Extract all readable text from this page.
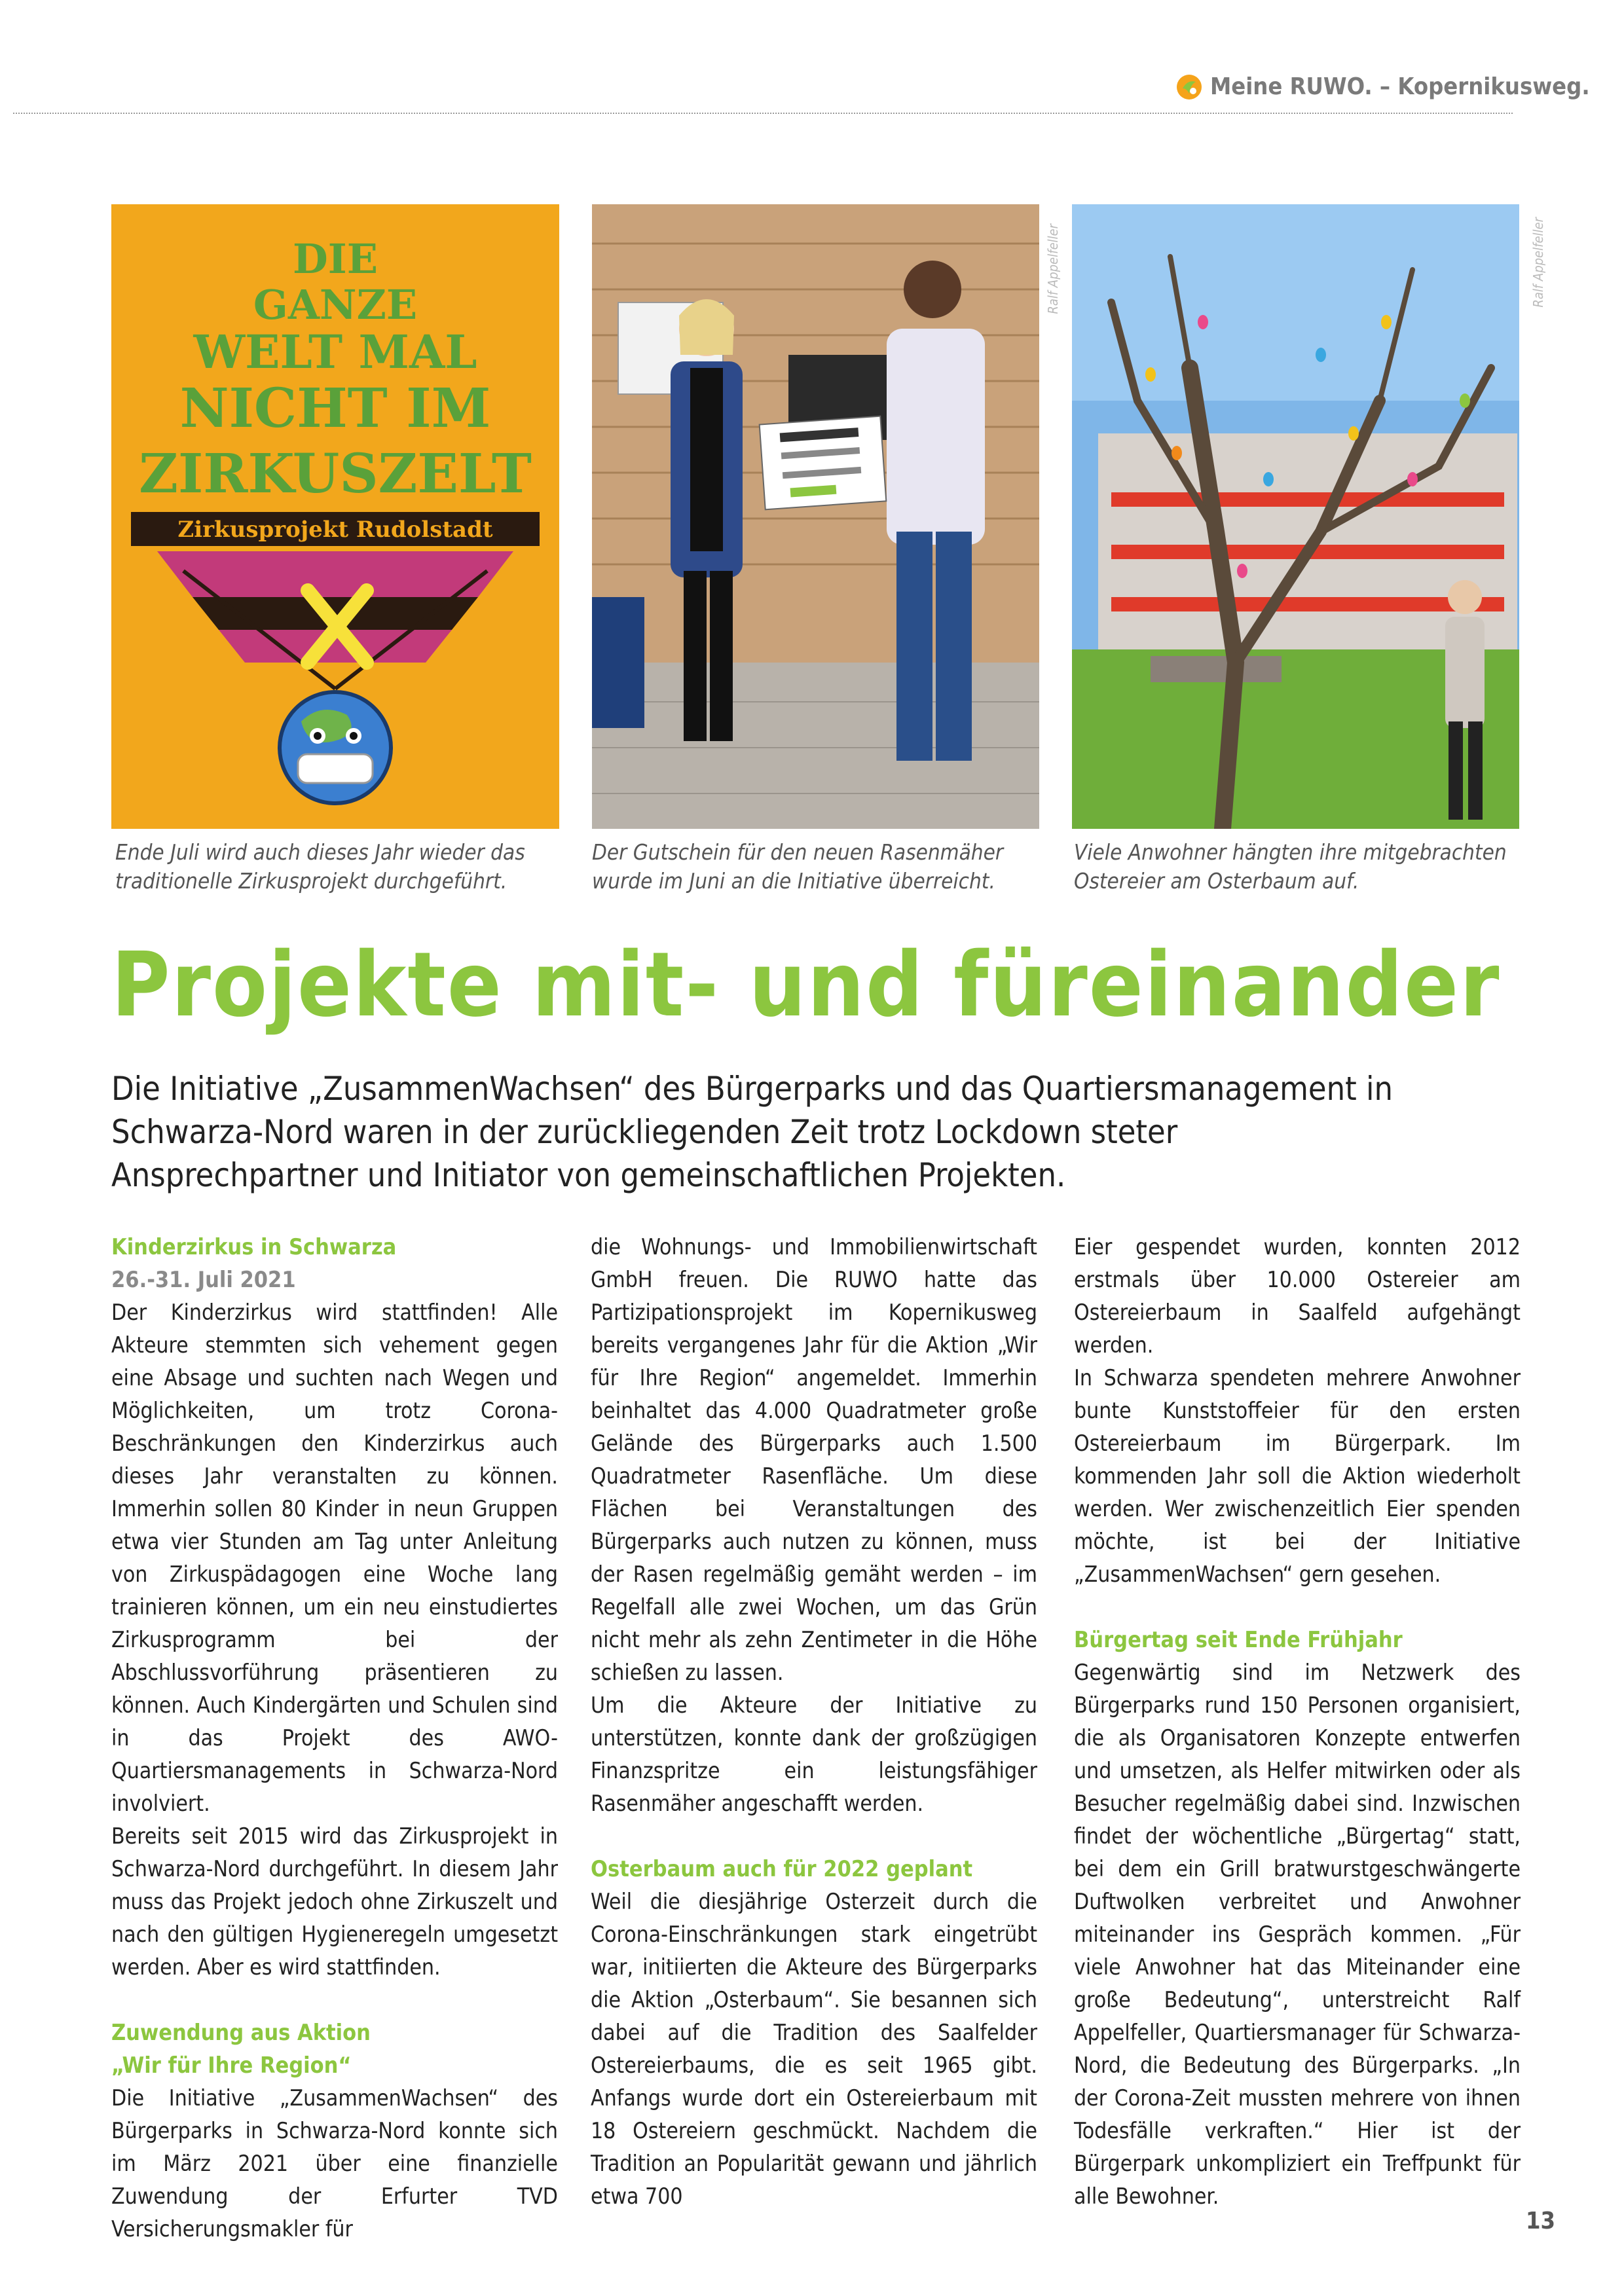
Meine RUWO. – Kopernikusweg.
DIE
GANZE
WELT MAL
NICHT IM
ZIRKUSZELT
Zirkusprojekt Rudolstadt
Ralf Appelfeller	Ralf Appelfeller
Ende Juli wird auch dieses Jahr wieder das traditionelle Zirkusprojekt durchgeführt.
Der Gutschein für den neuen Rasenmäher wurde im Juni an die Initiative überreicht.
Viele Anwohner hängten ihre mitgebrachten Ostereier am Osterbaum auf.
Projekte mit- und füreinander
Die Initiative „ZusammenWachsen“ des Bürgerparks und das Quartiersmanagement in Schwarza-Nord waren in der zurückliegenden Zeit trotz Lockdown steter Ansprechpartner und Initiator von gemeinschaftlichen Projekten.
Kinderzirkus in Schwarza

26.-31. Juli 2021

Der Kinderzirkus wird stattfinden! Alle Akteure stemmten sich vehement gegen eine Absage und suchten nach Wegen und Möglichkeiten, um trotz Corona-Beschränkungen den Kinderzirkus auch dieses Jahr veranstalten zu können. Immerhin sollen 80 Kinder in neun Gruppen etwa vier Stunden am Tag unter Anleitung von Zirkuspädagogen eine Woche lang trainieren können, um ein neu einstudiertes Zirkusprogramm bei der Abschlussvorführung präsentieren zu können. Auch Kindergärten und Schulen sind in das Projekt des AWO-Quartiersmanagements in Schwarza-Nord involviert.

Bereits seit 2015 wird das Zirkusprojekt in Schwarza-Nord durchgeführt. In diesem Jahr muss das Projekt jedoch ohne Zirkuszelt und nach den gültigen Hygieneregeln umgesetzt werden. Aber es wird stattfinden.

Zuwendung aus Aktion
„Wir für Ihre Region“

Die Initiative „ZusammenWachsen“ des Bürgerparks in Schwarza-Nord konnte sich im März 2021 über eine finanzielle Zuwendung der Erfurter TVD Versicherungsmakler für

die Wohnungs- und Immobilienwirtschaft GmbH freuen. Die RUWO hatte das Partizipationsprojekt im Kopernikusweg bereits vergangenes Jahr für die Aktion „Wir für Ihre Region“ angemeldet. Immerhin beinhaltet das 4.000 Quadratmeter große Gelände des Bürgerparks auch 1.500 Quadratmeter Rasenfläche. Um diese Flächen bei Veranstaltungen des Bürgerparks auch nutzen zu können, muss der Rasen regelmäßig gemäht werden – im Regelfall alle zwei Wochen, um das Grün nicht mehr als zehn Zentimeter in die Höhe schießen zu lassen.

Um die Akteure der Initiative zu unterstützen, konnte dank der großzügigen Finanzspritze ein leistungsfähiger Rasenmäher angeschafft werden.

Osterbaum auch für 2022 geplant

Weil die diesjährige Osterzeit durch die Corona-Einschränkungen stark eingetrübt war, initiierten die Akteure des Bürgerparks die Aktion „Osterbaum“. Sie besannen sich dabei auf die Tradition des Saalfelder Ostereierbaums, die es seit 1965 gibt. Anfangs wurde dort ein Ostereierbaum mit 18 Ostereiern geschmückt. Nachdem die Tradition an Popularität gewann und jährlich etwa 700

Eier gespendet wurden, konnten 2012 erstmals über 10.000 Ostereier am Ostereierbaum in Saalfeld aufgehängt werden.

In Schwarza spendeten mehrere Anwohner bunte Kunststoffeier für den ersten Ostereierbaum im Bürgerpark. Im kommenden Jahr soll die Aktion wiederholt werden. Wer zwischenzeitlich Eier spenden möchte, ist bei der Initiative „ZusammenWachsen“ gern gesehen.

Bürgertag seit Ende Frühjahr

Gegenwärtig sind im Netzwerk des Bürgerparks rund 150 Personen organisiert, die als Organisatoren Konzepte entwerfen und umsetzen, als Helfer mitwirken oder als Besucher regelmäßig dabei sind. Inzwischen findet der wöchentliche „Bürgertag“ statt, bei dem ein Grill bratwurstgeschwängerte Duftwolken verbreitet und Anwohner miteinander ins Gespräch kommen. „Für viele Anwohner hat das Miteinander eine große Bedeutung“, unterstreicht Ralf Appelfeller, Quartiersmanager für Schwarza-Nord, die Bedeutung des Bürgerparks. „In der Corona-Zeit mussten mehrere von ihnen Todesfälle verkraften.“ Hier ist der Bürgerpark unkompliziert ein Treffpunkt für alle Bewohner.

13
